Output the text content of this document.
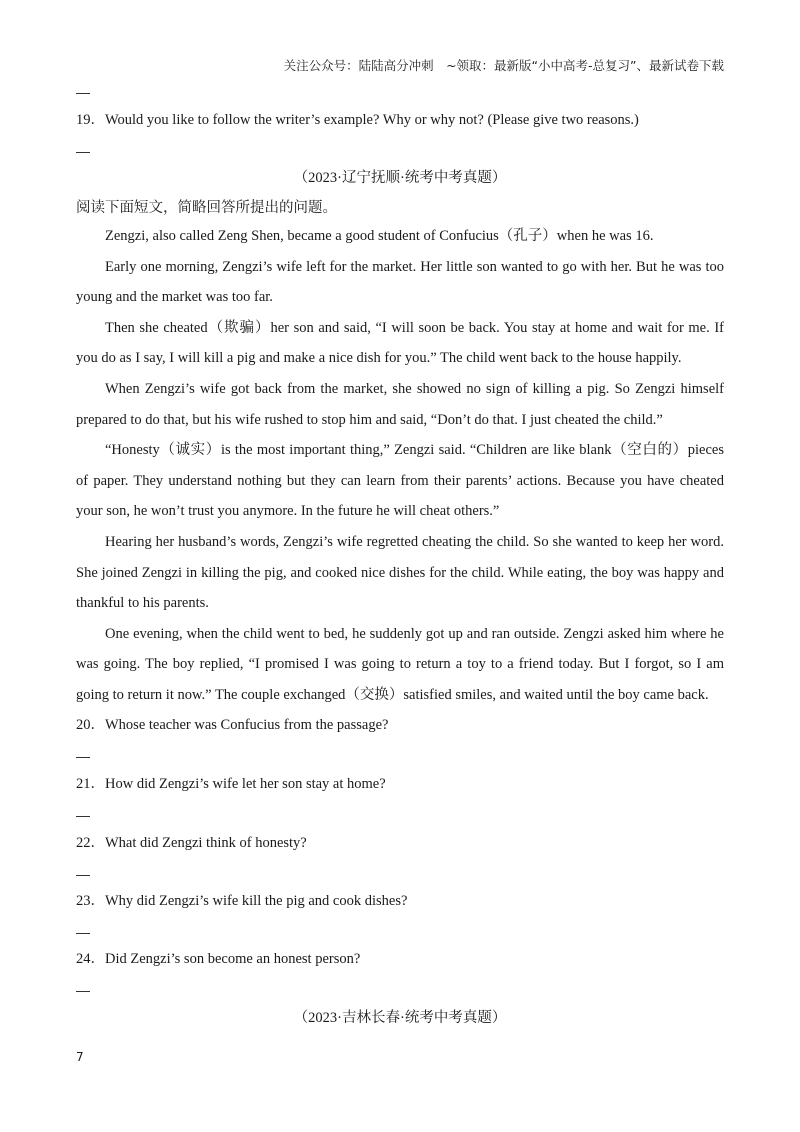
关注公众号：陆陆高分冲刺　~领取：最新版“小中高考-总复习”、最新试卷下载
19．Would you like to follow the writer’s example? Why or why not? (Please give two reasons.)
（2023·辽宁抚顺·统考中考真题）
阅读下面短文，简略回答所提出的问题。

Zengzi, also called Zeng Shen, became a good student of Confucius（孔子）when he was 16.

Early one morning, Zengzi’s wife left for the market. Her little son wanted to go with her. But he was too young and the market was too far.

Then she cheated（欺骗）her son and said, “I will soon be back. You stay at home and wait for me. If you do as I say, I will kill a pig and make a nice dish for you.” The child went back to the house happily.

When Zengzi’s wife got back from the market, she showed no sign of killing a pig. So Zengzi himself prepared to do that, but his wife rushed to stop him and said, “Don’t do that. I just cheated the child.”

“Honesty（诚实）is the most important thing,” Zengzi said. “Children are like blank（空白的）pieces of paper. They understand nothing but they can learn from their parents’ actions. Because you have cheated your son, he won’t trust you anymore. In the future he will cheat others.”

Hearing her husband’s words, Zengzi’s wife regretted cheating the child. So she wanted to keep her word. She joined Zengzi in killing the pig, and cooked nice dishes for the child. While eating, the boy was happy and thankful to his parents.

One evening, when the child went to bed, he suddenly got up and ran outside. Zengzi asked him where he was going. The boy replied, “I promised I was going to return a toy to a friend today. But I forgot, so I am going to return it now.” The couple exchanged（交换）satisfied smiles, and waited until the boy came back.

20．Whose teacher was Confucius from the passage?
21．How did Zengzi’s wife let her son stay at home?
22．What did Zengzi think of honesty?
23．Why did Zengzi’s wife kill the pig and cook dishes?
24．Did Zengzi’s son become an honest person?
（2023·吉林长春·统考中考真题）
7
